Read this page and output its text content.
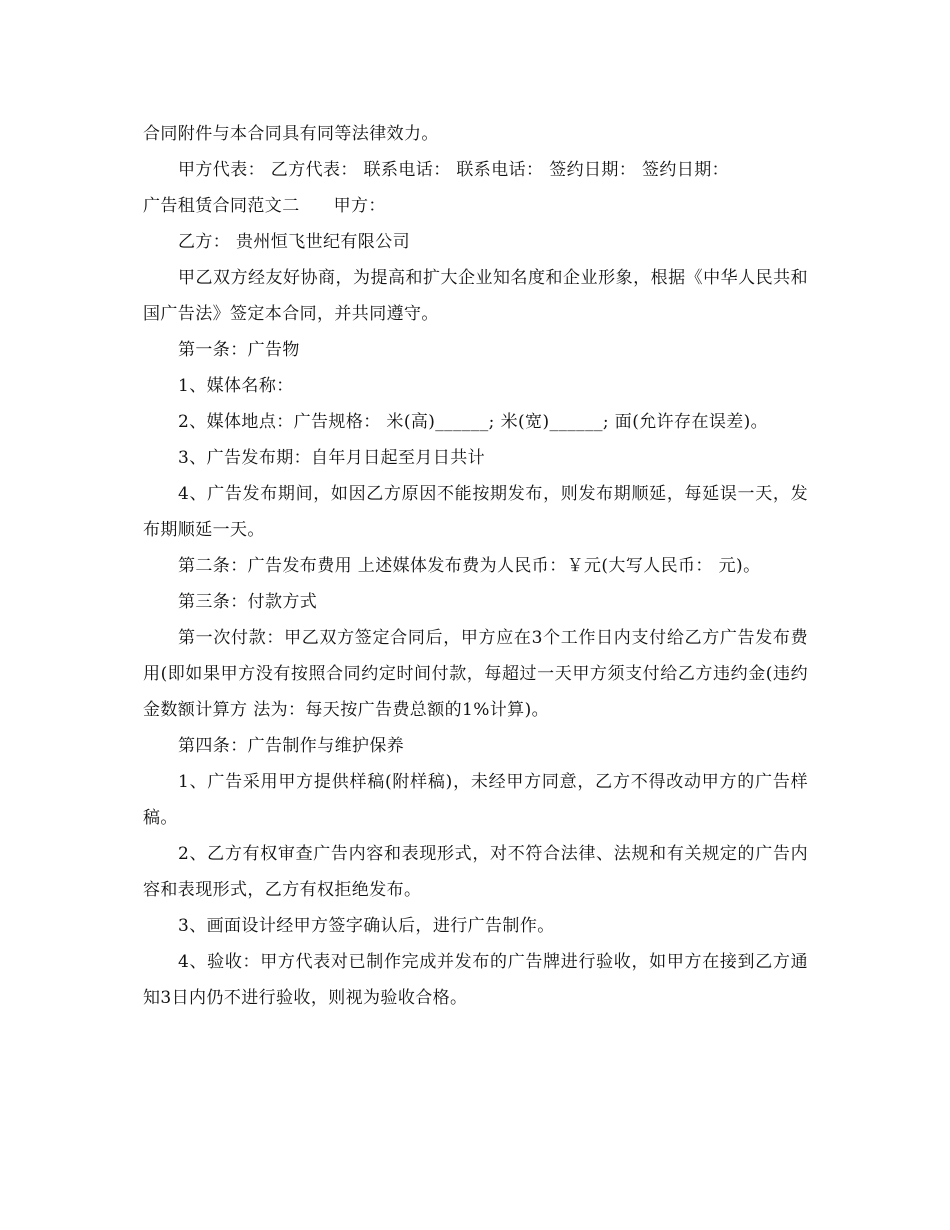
合同附件与本合同具有同等法律效力。

甲方代表： 乙方代表： 联系电话： 联系电话： 签约日期： 签约日期：

广告租赁合同范文二 甲方：

乙方： 贵州恒飞世纪有限公司

甲乙双方经友好协商，为提高和扩大企业知名度和企业形象，根据《中华人民共和国广告法》签定本合同，并共同遵守。

第一条：广告物

1、媒体名称：

2、媒体地点：广告规格： 米(高)______; 米(宽)______; 面(允许存在误差)。

3、广告发布期：自年月日起至月日共计

4、广告发布期间，如因乙方原因不能按期发布，则发布期顺延，每延误一天，发布期顺延一天。

第二条：广告发布费用 上述媒体发布费为人民币：￥元(大写人民币： 元)。

第三条：付款方式

第一次付款：甲乙双方签定合同后，甲方应在3个工作日内支付给乙方广告发布费用(即如果甲方没有按照合同约定时间付款，每超过一天甲方须支付给乙方违约金(违约金数额计算方 法为：每天按广告费总额的1%计算)。

第四条：广告制作与维护保养

1、广告采用甲方提供样稿(附样稿)，未经甲方同意，乙方不得改动甲方的广告样稿。

2、乙方有权审查广告内容和表现形式，对不符合法律、法规和有关规定的广告内容和表现形式，乙方有权拒绝发布。

3、画面设计经甲方签字确认后，进行广告制作。

4、验收：甲方代表对已制作完成并发布的广告牌进行验收，如甲方在接到乙方通知3日内仍不进行验收，则视为验收合格。
